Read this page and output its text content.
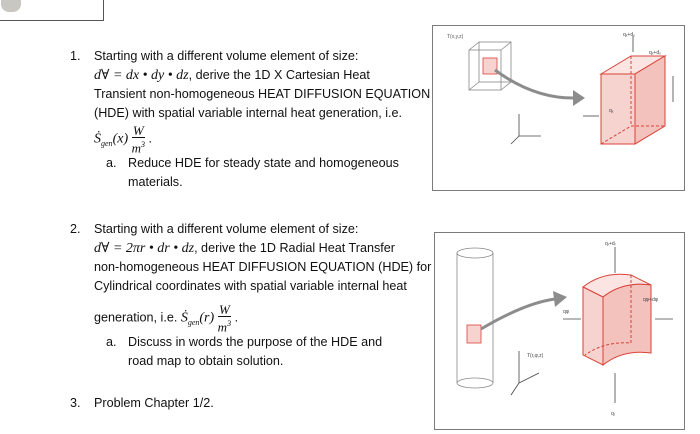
1. Starting with a different volume element of size:
d∀ = dx • dy • dz, derive the 1D X Cartesian Heat
Transient non-homogeneous HEAT DIFFUSION EQUATION
(HDE) with spatial variable internal heat generation, i.e.
Ṡ$_{gen}$(x) $\frac{W}{m^3}$ .
a. Reduce HDE for steady state and homogeneous
materials.
2. Starting with a different volume element of size:
d∀ = 2πr • dr • dz, derive the 1D Radial Heat Transfer
non-homogeneous HEAT DIFFUSION EQUATION (HDE) for
Cylindrical coordinates with spatial variable internal heat
generation, i.e. Ṡ$_{gen}$(r) $\frac{W}{m^3}$ .
a. Discuss in words the purpose of the HDE and
road map to obtain solution.
3. Problem Chapter 1/2.
T(x,y,z)	qₓ+dₓ
qₓ
qₓ+dₓ
T(r,φ,z)
qᵣ+dᵣ
qφ+dφ
qᵣ
qφ
